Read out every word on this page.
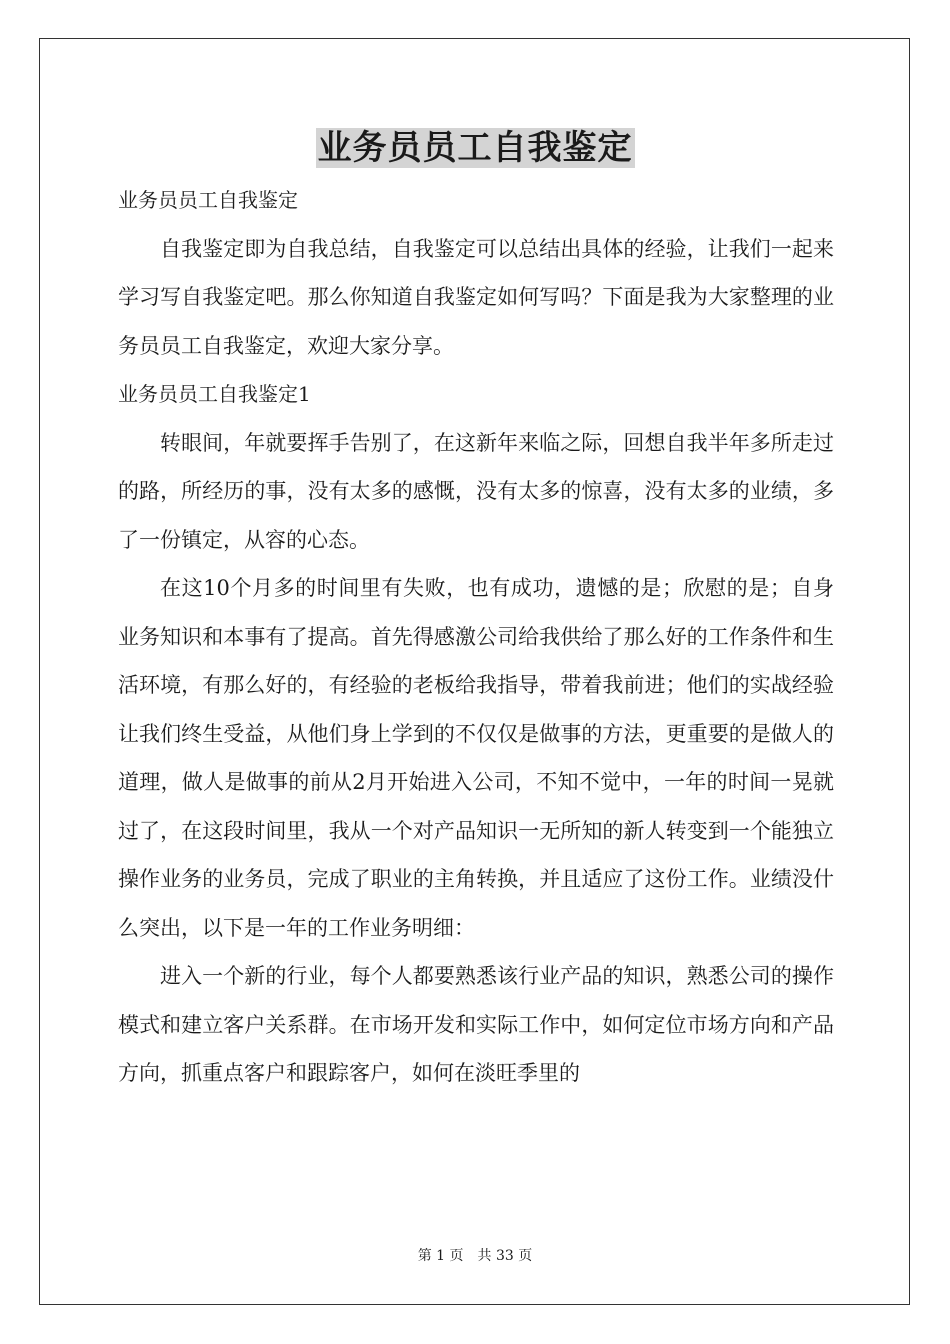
业务员员工自我鉴定

业务员员工自我鉴定

自我鉴定即为自我总结，自我鉴定可以总结出具体的经验，让我们一起来学习写自我鉴定吧。那么你知道自我鉴定如何写吗？下面是我为大家整理的业务员员工自我鉴定，欢迎大家分享。

业务员员工自我鉴定1

转眼间，年就要挥手告别了，在这新年来临之际，回想自我半年多所走过的路，所经历的事，没有太多的感慨，没有太多的惊喜，没有太多的业绩，多了一份镇定，从容的心态。

在这10个月多的时间里有失败，也有成功，遗憾的是；欣慰的是；自身业务知识和本事有了提高。首先得感激公司给我供给了那么好的工作条件和生活环境，有那么好的，有经验的老板给我指导，带着我前进；他们的实战经验让我们终生受益，从他们身上学到的不仅仅是做事的方法，更重要的是做人的道理，做人是做事的前从2月开始进入公司，不知不觉中，一年的时间一晃就过了，在这段时间里，我从一个对产品知识一无所知的新人转变到一个能独立操作业务的业务员，完成了职业的主角转换，并且适应了这份工作。业绩没什么突出，以下是一年的工作业务明细：

进入一个新的行业，每个人都要熟悉该行业产品的知识，熟悉公司的操作模式和建立客户关系群。在市场开发和实际工作中，如何定位市场方向和产品方向，抓重点客户和跟踪客户，如何在淡旺季里的

第 1 页　共 33 页
